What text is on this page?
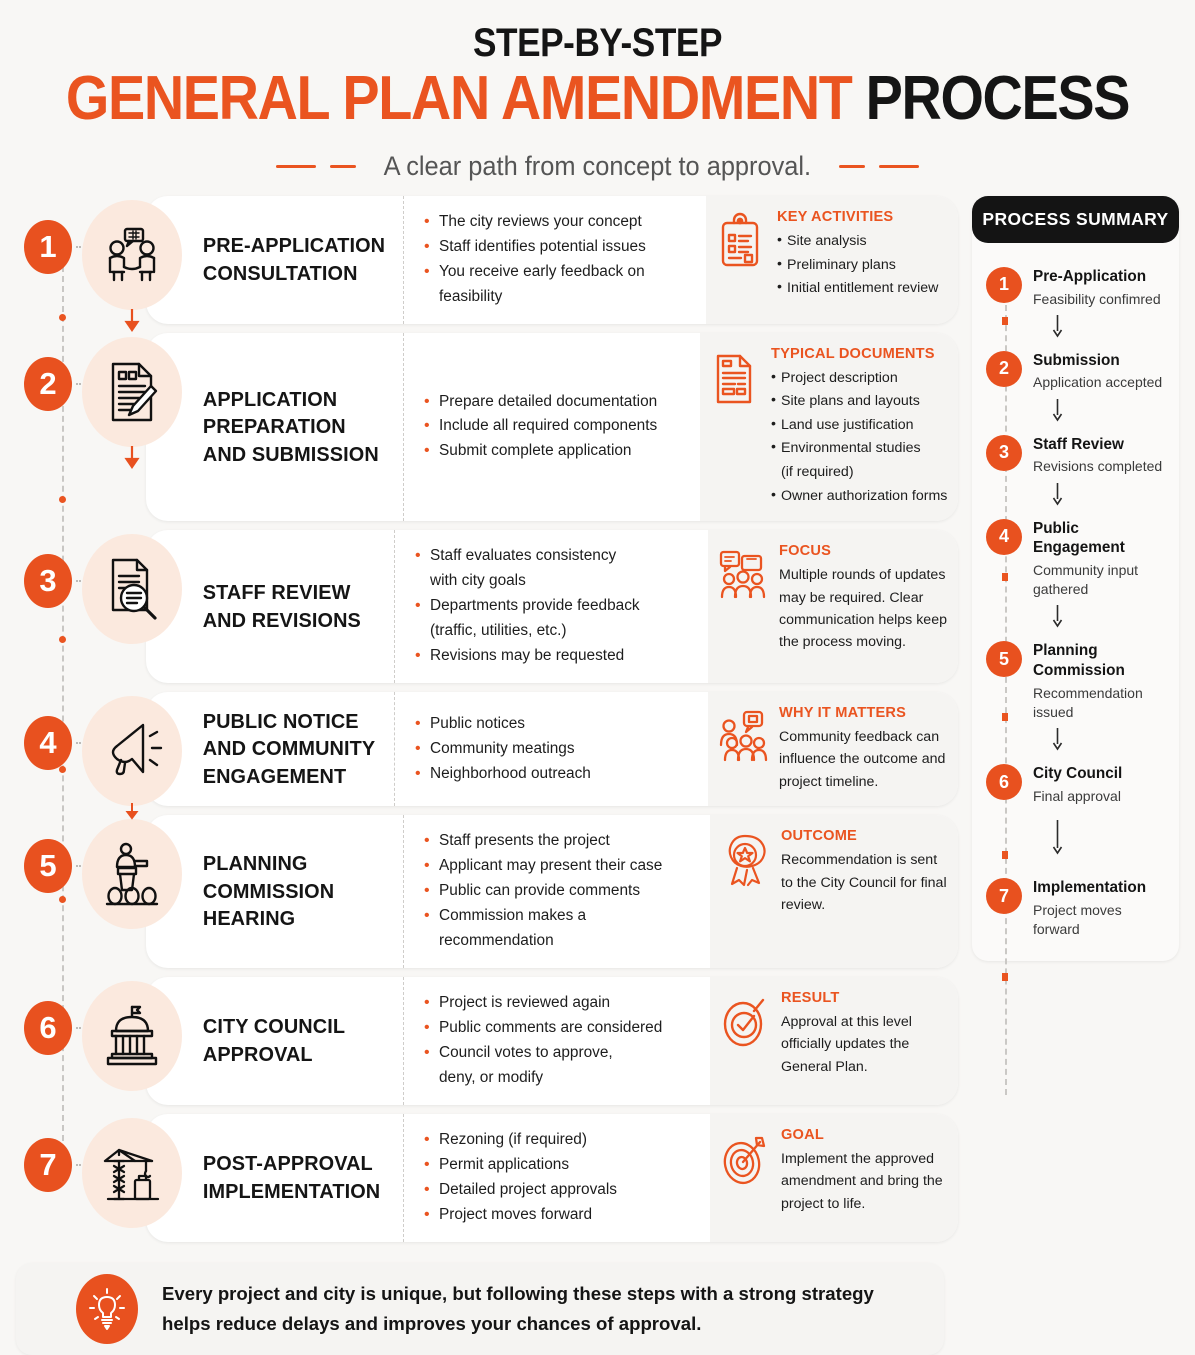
STEP-BY-STEP
GENERAL PLAN AMENDMENT PROCESS
A clear path from concept to approval.
1	PRE-APPLICATION CONSULTATION
• The city reviews your concept
• Staff identifies potential issues
• You receive early feedback on feasibility
KEY ACTIVITIES
• Site analysis
• Preliminary plans
• Initial entitlement review
2	APPLICATION PREPARATION AND SUBMISSION
• Prepare detailed documentation
• Include all required components
• Submit complete application
TYPICAL DOCUMENTS
• Project description
• Site plans and layouts
• Land use justification
• Environmental studies
(if required)
• Owner authorization forms
3	STAFF REVIEW AND REVISIONS
• Staff evaluates consistency
with city goals
• Departments provide feedback
(traffic, utilities, etc.)
• Revisions may be requested
FOCUS
Multiple rounds of updates may be required. Clear communication helps keep the process moving.
4
PUBLIC NOTICE AND COMMUNITY ENGAGEMENT
• Public notices
• Community meatings
• Neighborhood outreach
WHY IT MATTERS
Community feedback can influence the outcome and project timeline.
5	PLANNING COMMISSION HEARING
• Staff presents the project
• Applicant may present their case
• Public can provide comments
• Commission makes a recommendation
OUTCOME
Recommendation is sent to the City Council for final review.
6	CITY COUNCIL APPROVAL
• Project is reviewed again
• Public comments are considered
• Council votes to approve,
deny, or modify
RESULT
Approval at this level officially updates the General Plan.
7	POST-APPROVAL IMPLEMENTATION
• Rezoning (if required)
• Permit applications
• Detailed project approvals
• Project moves forward
GOAL
Implement the approved amendment and bring the project to life.
PROCESS SUMMARY
1	Pre-Application
Feasibility confimred
2	Submission
Application accepted
3	Staff Review
Revisions completed
4	Public Engagement
Community input gathered
5	Planning Commission
Recommendation issued
6	City Council
Final approval
7	Implementation
Project moves forward
Every project and city is unique, but following these steps with a strong strategy
helps reduce delays and improves your chances of approval.
